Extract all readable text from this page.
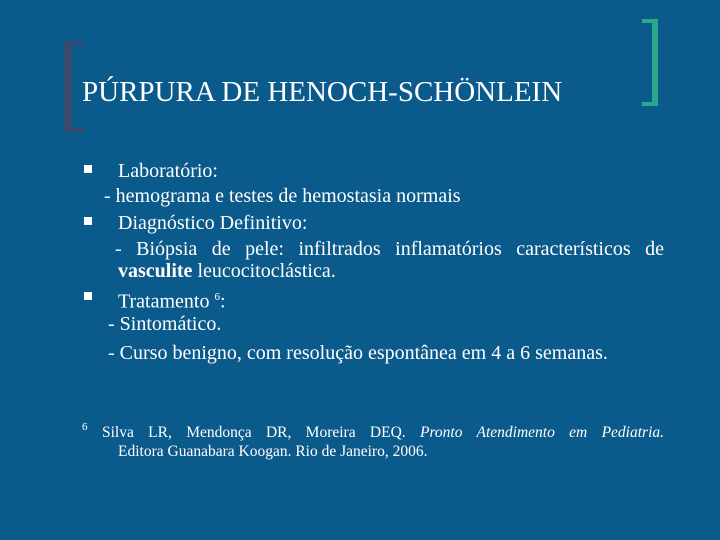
PÚRPURA DE HENOCH-SCHÖNLEIN
Laboratório:
- hemograma e testes de hemostasia normais
Diagnóstico Definitivo:
- Biópsia de pele: infiltrados inflamatórios característicos de
vasculite leucocitoclástica.
Tratamento $^6$:
- Sintomático.
- Curso benigno, com resolução espontânea em 4 a 6 semanas.
6 Silva LR, Mendonça DR, Moreira DEQ. Pronto Atendimento em Pediatria.
Editora Guanabara Koogan. Rio de Janeiro, 2006.
